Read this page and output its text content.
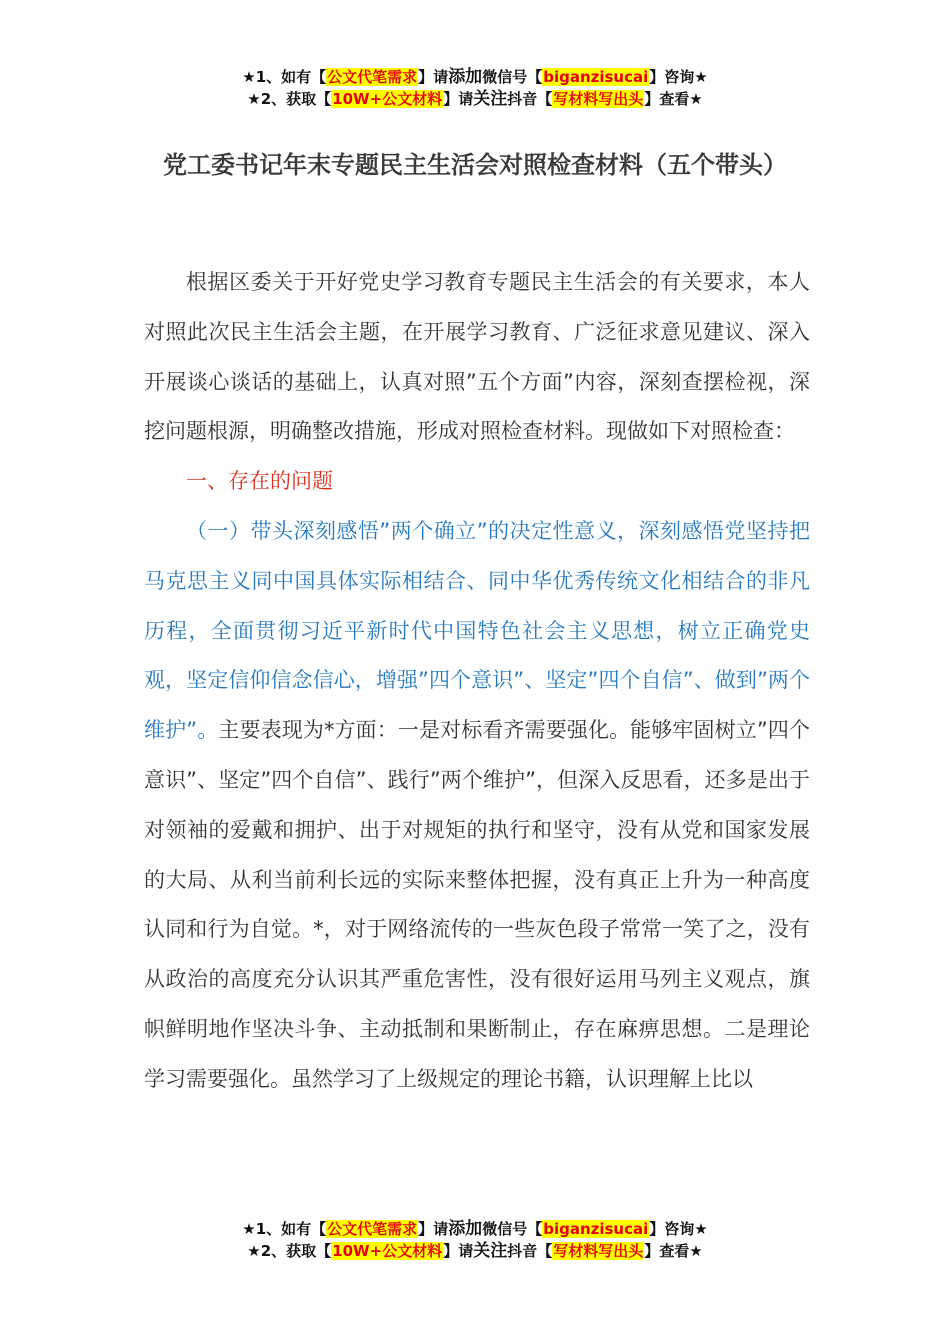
★1、如有【公文代笔需求】请添加微信号【biganzisucai】咨询★
★2、获取【10W+公文材料】请关注抖音【写材料写出头】查看★
党工委书记年末专题民主生活会对照检查材料（五个带头）

根据区委关于开好党史学习教育专题民主生活会的有关要求，本人对照此次民主生活会主题，在开展学习教育、广泛征求意见建议、深入开展谈心谈话的基础上，认真对照”五个方面”内容，深刻查摆检视，深挖问题根源，明确整改措施，形成对照检查材料。现做如下对照检查：

一、存在的问题

（一）带头深刻感悟”两个确立”的决定性意义，深刻感悟党坚持把马克思主义同中国具体实际相结合、同中华优秀传统文化相结合的非凡历程，全面贯彻习近平新时代中国特色社会主义思想，树立正确党史观，坚定信仰信念信心，增强”四个意识”、坚定”四个自信”、做到”两个维护”。主要表现为*方面：一是对标看齐需要强化。能够牢固树立”四个意识”、坚定”四个自信”、践行”两个维护”，但深入反思看，还多是出于对领袖的爱戴和拥护、出于对规矩的执行和坚守，没有从党和国家发展的大局、从利当前利长远的实际来整体把握，没有真正上升为一种高度认同和行为自觉。*，对于网络流传的一些灰色段子常常一笑了之，没有从政治的高度充分认识其严重危害性，没有很好运用马列主义观点，旗帜鲜明地作坚决斗争、主动抵制和果断制止，存在麻痹思想。二是理论学习需要强化。虽然学习了上级规定的理论书籍，认识理解上比以

★1、如有【公文代笔需求】请添加微信号【biganzisucai】咨询★
★2、获取【10W+公文材料】请关注抖音【写材料写出头】查看★
